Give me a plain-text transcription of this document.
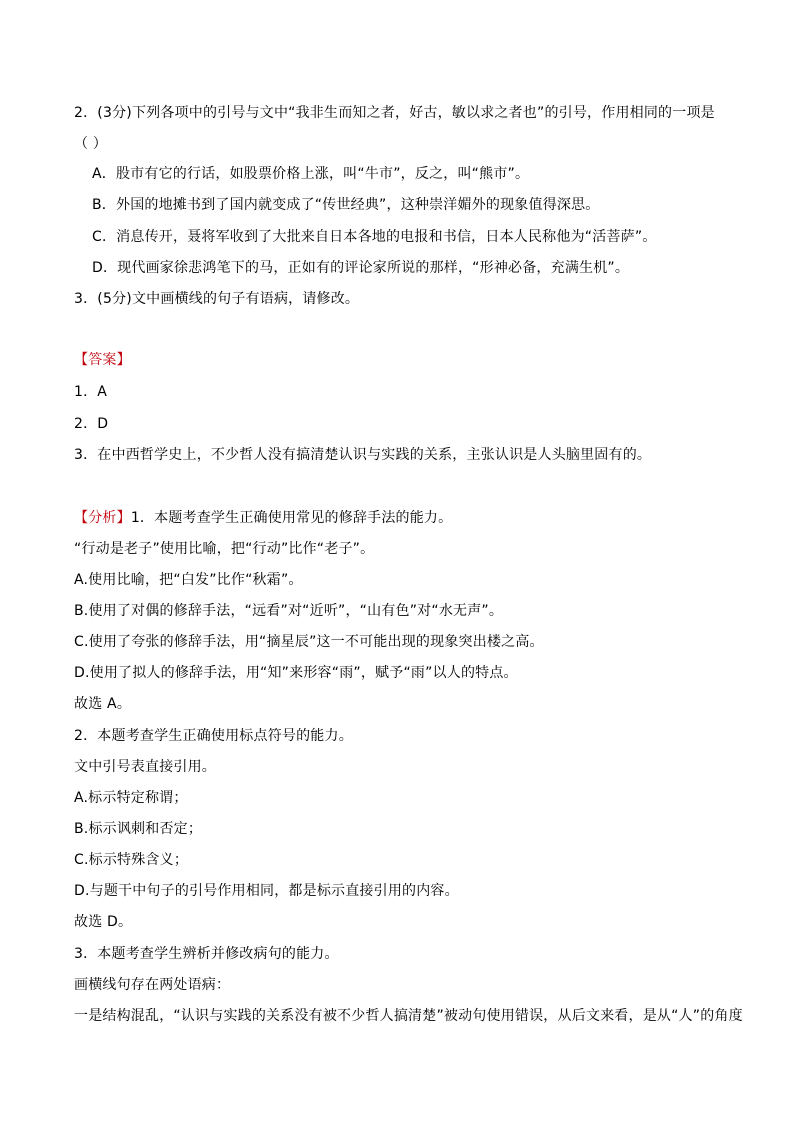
2．(3分)下列各项中的引号与文中“我非生而知之者，好古，敏以求之者也”的引号，作用相同的一项是
（ ）
A．股市有它的行话，如股票价格上涨，叫“牛市”，反之，叫“熊市”。
B．外国的地摊书到了国内就变成了“传世经典”，这种崇洋媚外的现象值得深思。
C．消息传开，聂将军收到了大批来自日本各地的电报和书信，日本人民称他为“活菩萨”。
D．现代画家徐悲鸿笔下的马，正如有的评论家所说的那样，“形神必备，充满生机”。
3．(5分)文中画横线的句子有语病，请修改。
【答案】
1．A
2．D
3．在中西哲学史上，不少哲人没有搞清楚认识与实践的关系，主张认识是人头脑里固有的。
【分析】1．本题考查学生正确使用常见的修辞手法的能力。
“行动是老子”使用比喻，把“行动”比作“老子”。
A.使用比喻，把“白发”比作“秋霜”。
B.使用了对偶的修辞手法，“远看”对“近听”，“山有色”对“水无声”。
C.使用了夸张的修辞手法，用“摘星辰”这一不可能出现的现象突出楼之高。
D.使用了拟人的修辞手法，用“知”来形容“雨”，赋予“雨”以人的特点。
故选 A。
2．本题考查学生正确使用标点符号的能力。
文中引号表直接引用。
A.标示特定称谓；
B.标示讽刺和否定；
C.标示特殊含义；
D.与题干中句子的引号作用相同，都是标示直接引用的内容。
故选 D。
3．本题考查学生辨析并修改病句的能力。
画横线句存在两处语病：
一是结构混乱，“认识与实践的关系没有被不少哲人搞清楚”被动句使用错误，从后文来看，是从“人”的角度
